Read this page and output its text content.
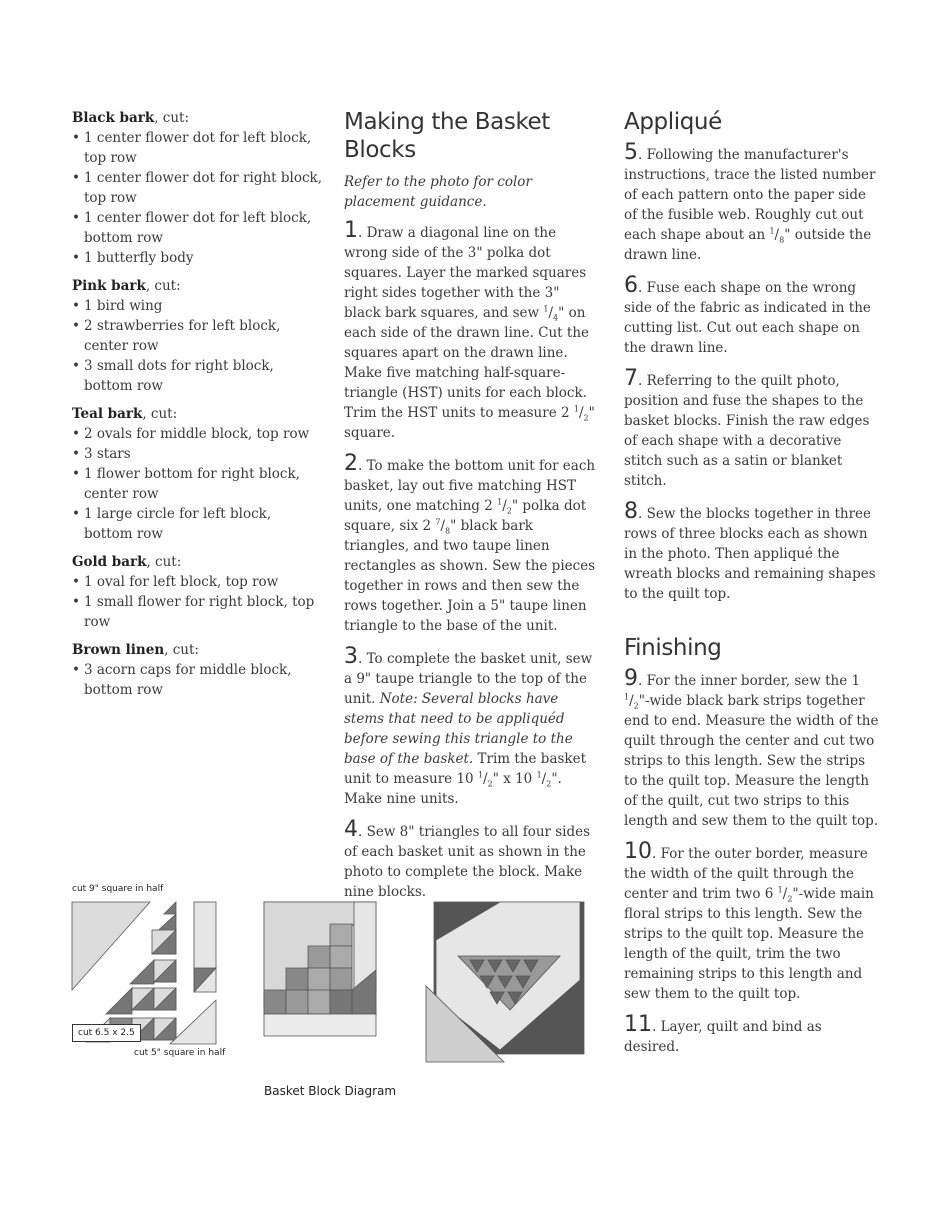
Black bark, cut:
• 1 center flower dot for left block, top row
• 1 center flower dot for right block, top row
• 1 center flower dot for left block, bottom row
• 1 butterfly body
Pink bark, cut:
• 1 bird wing
• 2 strawberries for left block, center row
• 3 small dots for right block, bottom row
Teal bark, cut:
• 2 ovals for middle block, top row
• 3 stars
• 1 flower bottom for right block, center row
• 1 large circle for left block, bottom row
Gold bark, cut:
• 1 oval for left block, top row
• 1 small flower for right block, top row
Brown linen, cut:
• 3 acorn caps for middle block, bottom row
Making the Basket Blocks

Refer to the photo for color placement guidance.

1. Draw a diagonal line on the wrong side of the 3" polka dot squares. Layer the marked squares right sides together with the 3" black bark squares, and sew $^1/_4$" on each side of the drawn line. Cut the squares apart on the drawn line. Make five matching half-square-triangle (HST) units for each block. Trim the HST units to measure 2 $^1/_2$" square.

2. To make the bottom unit for each basket, lay out five matching HST units, one matching 2 $^1/_2$" polka dot square, six 2 $^7/_8$" black bark triangles, and two taupe linen rectangles as shown. Sew the pieces together in rows and then sew the rows together. Join a 5" taupe linen triangle to the base of the unit.

3. To complete the basket unit, sew a 9" taupe triangle to the top of the unit. Note: Several blocks have stems that need to be appliquéd before sewing this triangle to the base of the basket. Trim the basket unit to measure 10 $^1/_2$" x 10 $^1/_2$". Make nine units.

4. Sew 8" triangles to all four sides of each basket unit as shown in the photo to complete the block. Make nine blocks.

Appliqué

5. Following the manufacturer's instructions, trace the listed number of each pattern onto the paper side of the fusible web. Roughly cut out each shape about an $^1/_8$" outside the drawn line.

6. Fuse each shape on the wrong side of the fabric as indicated in the cutting list. Cut out each shape on the drawn line.

7. Referring to the quilt photo, position and fuse the shapes to the basket blocks. Finish the raw edges of each shape with a decorative stitch such as a satin or blanket stitch.

8. Sew the blocks together in three rows of three blocks each as shown in the photo. Then appliqué the wreath blocks and remaining shapes to the quilt top.

Finishing

9. For the inner border, sew the 1 $^1/_2$"-wide black bark strips together end to end. Measure the width of the quilt through the center and cut two strips to this length. Sew the strips to the quilt top. Measure the length of the quilt, cut two strips to this length and sew them to the quilt top.

10. For the outer border, measure the width of the quilt through the center and trim two 6 $^1/_2$"-wide main floral strips to this length. Sew the strips to the quilt top. Measure the length of the quilt, trim the two remaining strips to this length and sew them to the quilt top.

11. Layer, quilt and bind as desired.

cut 9" square in half
cut 6.5 x 2.5
cut 5" square in half
Basket Block Diagram
